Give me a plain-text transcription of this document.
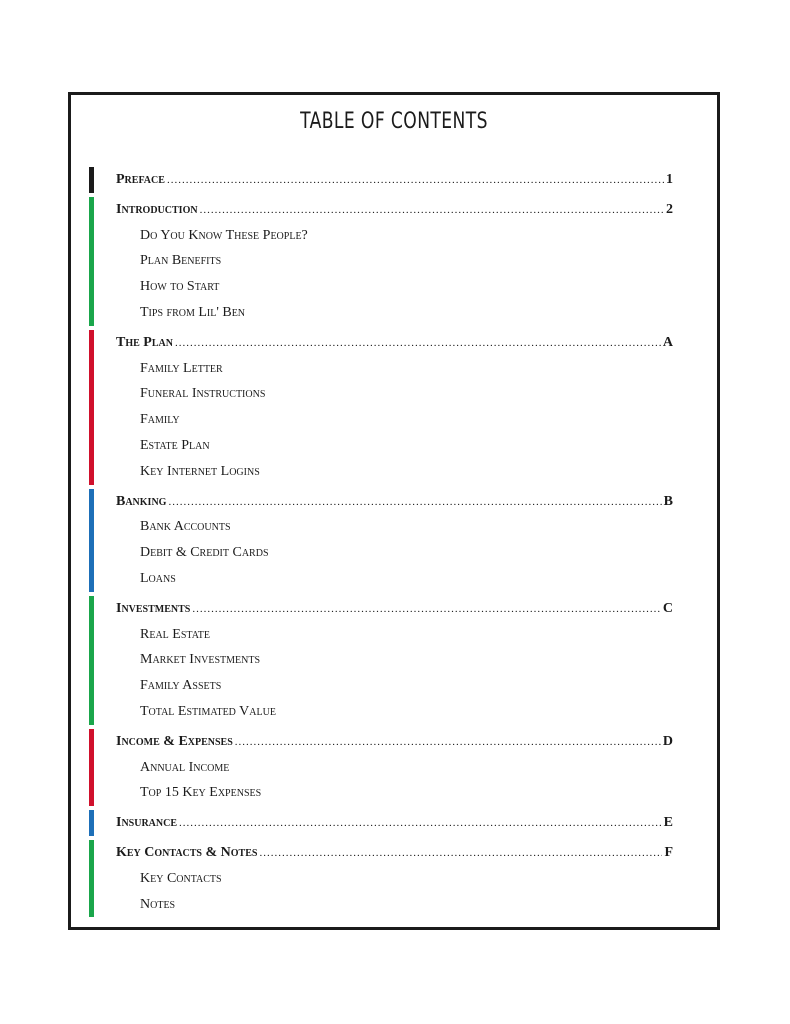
TABLE OF CONTENTS
Preface .....	1
Introduction .....	2
Do You Know These People?
Plan Benefits
How to Start
Tips from Lil' Ben
The Plan .....	A
Family Letter
Funeral Instructions
Family
Estate Plan
Key Internet Logins
Banking .....	B
Bank Accounts
Debit & Credit Cards
Loans
Investments .....	C
Real Estate
Market Investments
Family Assets
Total Estimated Value
Income & Expenses .....	D
Annual Income
Top 15 Key Expenses
Insurance .....	E
Key Contacts & Notes .....	F
Key Contacts
Notes
